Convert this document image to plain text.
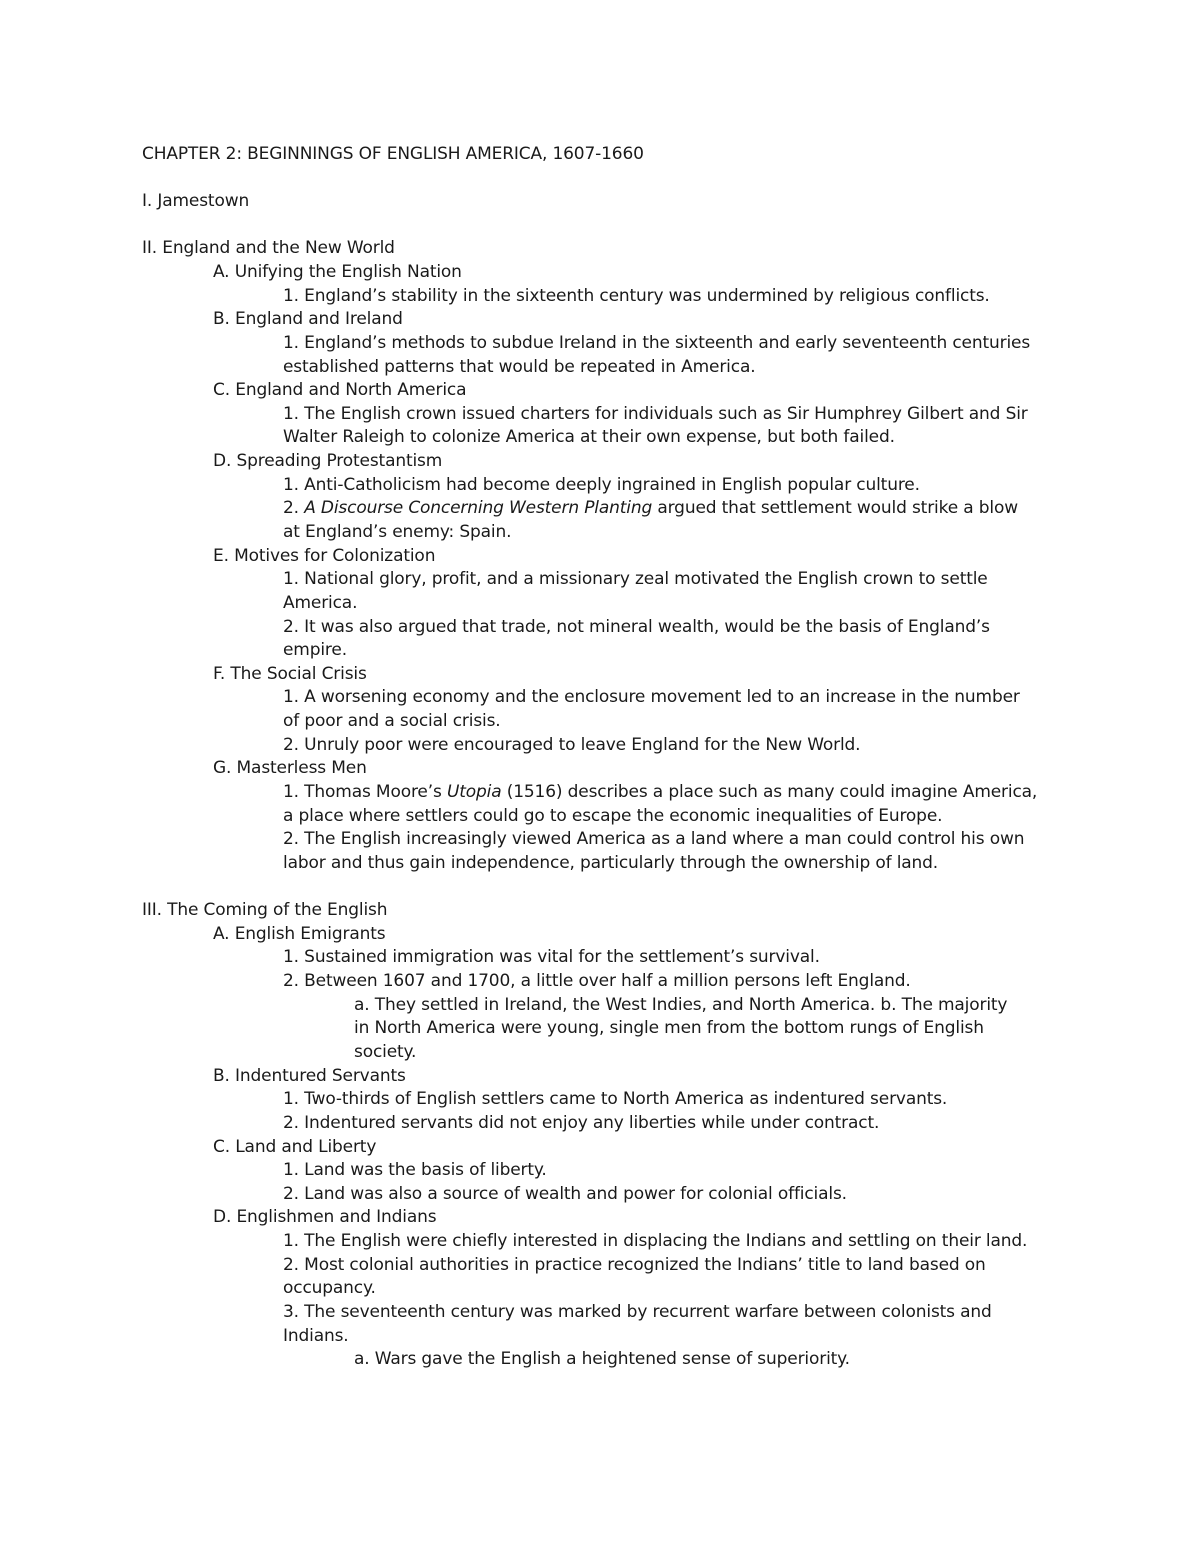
CHAPTER 2: BEGINNINGS OF ENGLISH AMERICA, 1607-1660
I. Jamestown
II. England and the New World
A. Unifying the English Nation
1. England’s stability in the sixteenth century was undermined by religious conflicts.
B. England and Ireland
1. England’s methods to subdue Ireland in the sixteenth and early seventeenth centuries
established patterns that would be repeated in America.
C. England and North America
1. The English crown issued charters for individuals such as Sir Humphrey Gilbert and Sir
Walter Raleigh to colonize America at their own expense, but both failed.
D. Spreading Protestantism
1. Anti-Catholicism had become deeply ingrained in English popular culture.
2. A Discourse Concerning Western Planting argued that settlement would strike a blow
at England’s enemy: Spain.
E. Motives for Colonization
1. National glory, profit, and a missionary zeal motivated the English crown to settle
America.
2. It was also argued that trade, not mineral wealth, would be the basis of England’s
empire.
F. The Social Crisis
1. A worsening economy and the enclosure movement led to an increase in the number
of poor and a social crisis.
2. Unruly poor were encouraged to leave England for the New World.
G. Masterless Men
1. Thomas Moore’s Utopia (1516) describes a place such as many could imagine America,
a place where settlers could go to escape the economic inequalities of Europe.
2. The English increasingly viewed America as a land where a man could control his own
labor and thus gain independence, particularly through the ownership of land.
III. The Coming of the English
A. English Emigrants
1. Sustained immigration was vital for the settlement’s survival.
2. Between 1607 and 1700, a little over half a million persons left England.
a. They settled in Ireland, the West Indies, and North America. b. The majority
in North America were young, single men from the bottom rungs of English
society.
B. Indentured Servants
1. Two-thirds of English settlers came to North America as indentured servants.
2. Indentured servants did not enjoy any liberties while under contract.
C. Land and Liberty
1. Land was the basis of liberty.
2. Land was also a source of wealth and power for colonial officials.
D. Englishmen and Indians
1. The English were chiefly interested in displacing the Indians and settling on their land.
2. Most colonial authorities in practice recognized the Indians’ title to land based on
occupancy.
3. The seventeenth century was marked by recurrent warfare between colonists and
Indians.
a. Wars gave the English a heightened sense of superiority.
